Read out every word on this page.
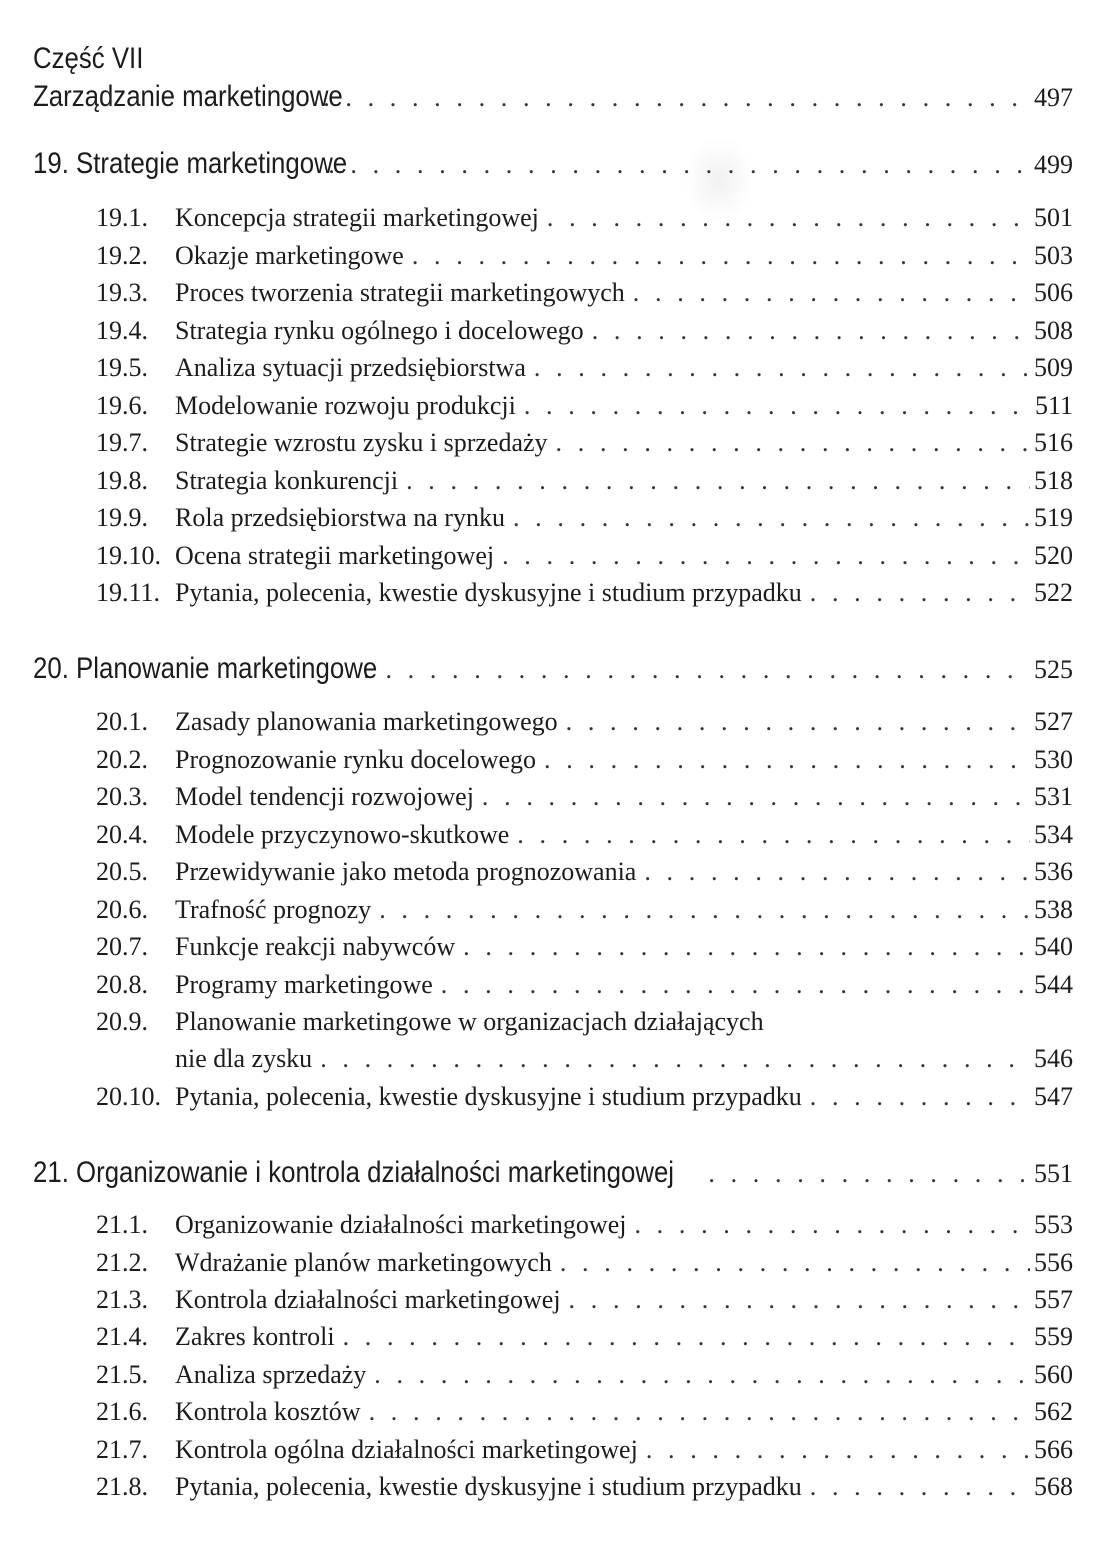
Część VII
Zarządzanie marketingowe . . .	497
19. Strategie marketingowe . . .	499
19.1.	Koncepcja strategii marketingowej . . .	501
19.2.	Okazje marketingowe . . .	503
19.3.	Proces tworzenia strategii marketingowych . . .	506
19.4.	Strategia rynku ogólnego i docelowego . . .	508
19.5.	Analiza sytuacji przedsiębiorstwa . . .	509
19.6.	Modelowanie rozwoju produkcji . . .	511
19.7.	Strategie wzrostu zysku i sprzedaży . . .	516
19.8.	Strategia konkurencji . . .	518
19.9.	Rola przedsiębiorstwa na rynku . . .	519
19.10. Ocena strategii marketingowej . . .	520
19.11. Pytania, polecenia, kwestie dyskusyjne i studium przypadku . . .	522
20. Planowanie marketingowe . . .	525
20.1.	Zasady planowania marketingowego . . .	527
20.2.	Prognozowanie rynku docelowego . . .	530
20.3.	Model tendencji rozwojowej . . .	531
20.4.	Modele przyczynowo-skutkowe . . .	534
20.5.	Przewidywanie jako metoda prognozowania . . .	536
20.6.	Trafność prognozy . . .	538
20.7.	Funkcje reakcji nabywców . . .	540
20.8.	Programy marketingowe . . .	544
20.9.	Planowanie marketingowe w organizacjach działających
nie dla zysku . . .	546
20.10. Pytania, polecenia, kwestie dyskusyjne i studium przypadku . . .	547
21. Organizowanie i kontrola działalności marketingowej . . .	551
21.1.	Organizowanie działalności marketingowej . . .	553
21.2.	Wdrażanie planów marketingowych . . .	556
21.3.	Kontrola działalności marketingowej . . .	557
21.4.	Zakres kontroli . . .	559
21.5.	Analiza sprzedaży . . .	560
21.6.	Kontrola kosztów . . .	562
21.7.	Kontrola ogólna działalności marketingowej . . .	566
21.8.	Pytania, polecenia, kwestie dyskusyjne i studium przypadku . . .	568
